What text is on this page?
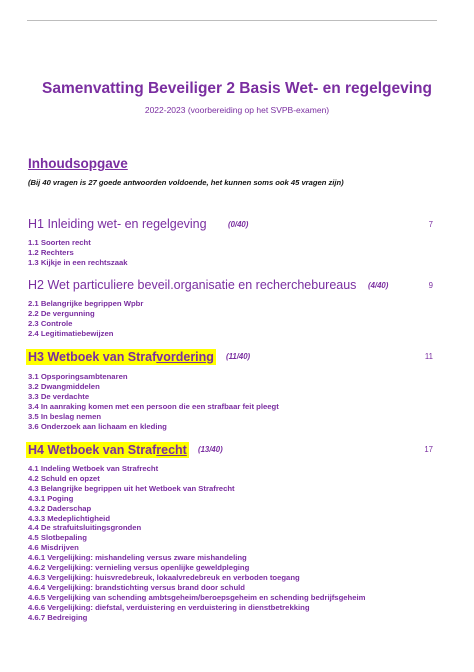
Samenvatting Beveiliger 2 Basis Wet- en regelgeving
2022-2023 (voorbereiding op het SVPB-examen)
Inhoudsopgave
(Bij 40 vragen is 27 goede antwoorden voldoende, het kunnen soms ook 45 vragen zijn)
H1 Inleiding wet- en regelgeving	(0/40)	7
1.1 Soorten recht
1.2 Rechters
1.3 Kijkje in een rechtszaak
H2 Wet particuliere beveil.organisatie en recherchebureaus (4/40)	9
2.1 Belangrijke begrippen Wpbr
2.2 De vergunning
2.3 Controle
2.4 Legitimatiebewijzen
H3 Wetboek van Strafvordering (11/40)	11
3.1 Opsporingsambtenaren
3.2 Dwangmiddelen
3.3 De verdachte
3.4 In aanraking komen met een persoon die een strafbaar feit pleegt
3.5 In beslag nemen
3.6 Onderzoek aan lichaam en kleding
H4 Wetboek van Strafrecht (13/40)	17
4.1 Indeling Wetboek van Strafrecht
4.2 Schuld en opzet
4.3 Belangrijke begrippen uit het Wetboek van Strafrecht
4.3.1 Poging
4.3.2 Daderschap
4.3.3 Medeplichtigheid
4.4 De strafuitsluitingsgronden
4.5 Slotbepaling
4.6 Misdrijven
4.6.1 Vergelijking: mishandeling versus zware mishandeling
4.6.2 Vergelijking: vernieling versus openlijke geweldpleging
4.6.3 Vergelijking: huisvredebreuk, lokaalvredebreuk en verboden toegang
4.6.4 Vergelijking: brandstichting versus brand door schuld
4.6.5 Vergelijking van schending ambtsgeheim/beroepsgeheim en schending bedrijfsgeheim
4.6.6 Vergelijking: diefstal, verduistering en verduistering in dienstbetrekking
4.6.7 Bedreiging
